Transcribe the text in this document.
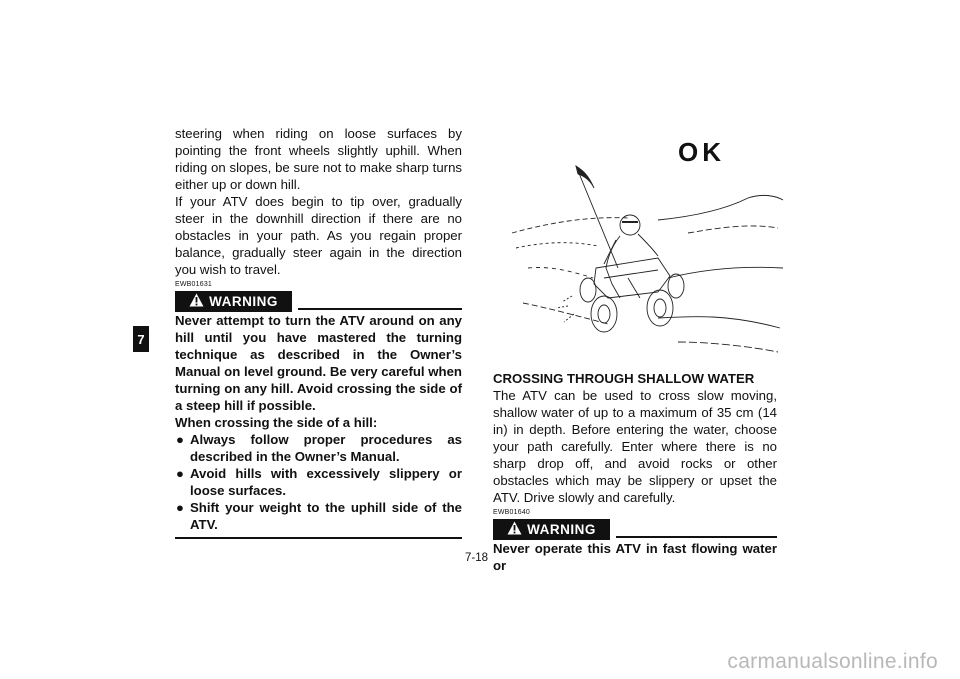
7

steering when riding on loose surfaces by pointing the front wheels slightly uphill. When riding on slopes, be sure not to make sharp turns either up or down hill.

If your ATV does begin to tip over, gradually steer in the downhill direction if there are no obstacles in your path. As you regain proper balance, gradually steer again in the direction you wish to travel.

EWB01631

WARNING

Never attempt to turn the ATV around on any hill until you have mastered the turning technique as described in the Owner’s Manual on level ground. Be very careful when turning on any hill. Avoid crossing the side of a steep hill if possible.

When crossing the side of a hill:

● Always follow proper procedures as described in the Owner’s Manual.
● Avoid hills with excessively slippery or loose surfaces.
● Shift your weight to the uphill side of the ATV.
OK

CROSSING THROUGH SHALLOW WATER

The ATV can be used to cross slow moving, shallow water of up to a maximum of 35 cm (14 in) in depth. Before entering the water, choose your path carefully. Enter where there is no sharp drop off, and avoid rocks or other obstacles which may be slippery or upset the ATV. Drive slowly and carefully.

EWB01640

WARNING

Never operate this ATV in fast flowing water or

7-18
carmanualsonline.info
